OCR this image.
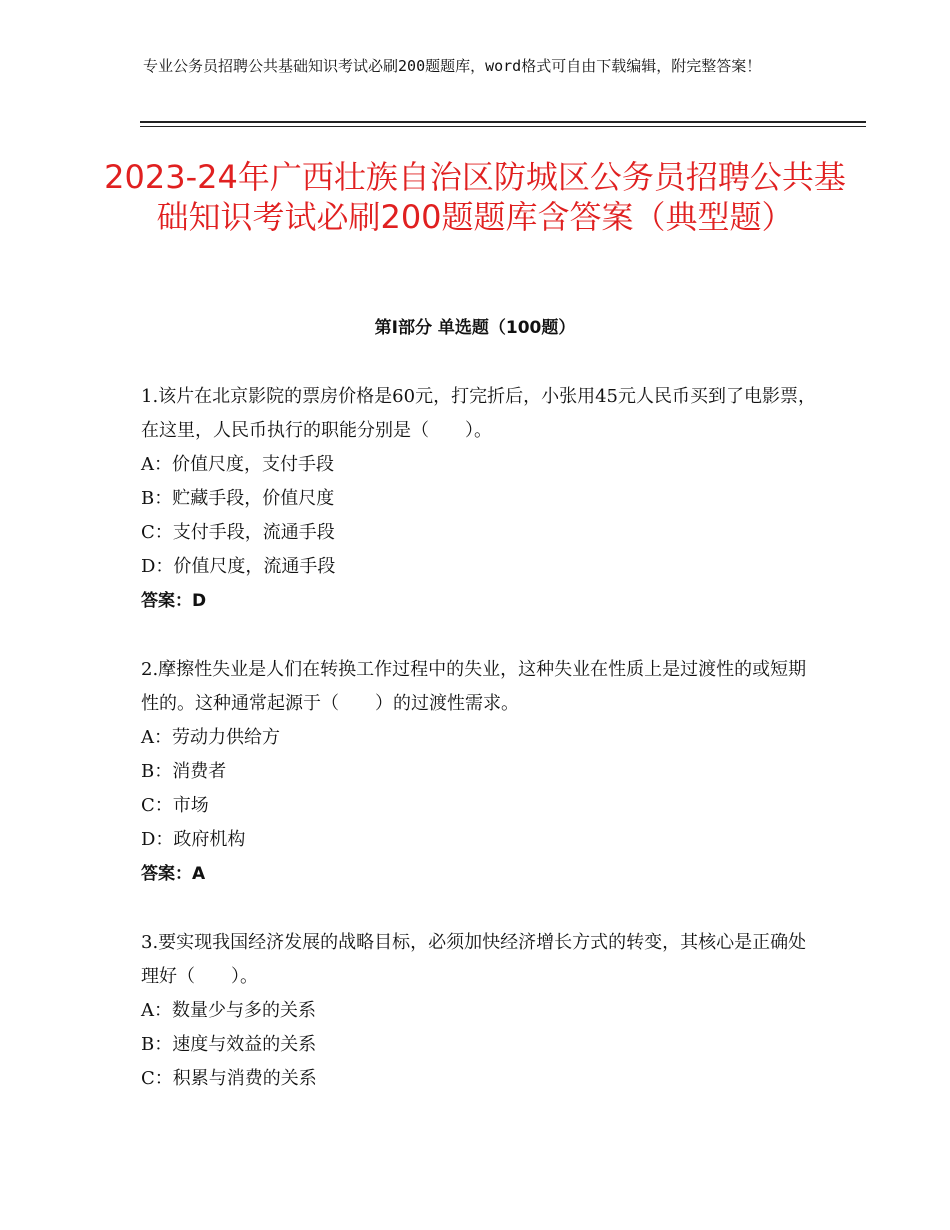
专业公务员招聘公共基础知识考试必刷200题题库，word格式可自由下载编辑，附完整答案！
2023-24年广西壮族自治区防城区公务员招聘公共基础知识考试必刷200题题库含答案（典型题）
第Ⅰ部分 单选题（100题）

1.该片在北京影院的票房价格是60元，打完折后，小张用45元人民币买到了电影票，在这里，人民币执行的职能分别是（　　）。

A：价值尺度，支付手段

B：贮藏手段，价值尺度

C：支付手段，流通手段

D：价值尺度，流通手段

答案：D

2.摩擦性失业是人们在转换工作过程中的失业，这种失业在性质上是过渡性的或短期性的。这种通常起源于（　　）的过渡性需求。

A：劳动力供给方

B：消费者

C：市场

D：政府机构

答案：A

3.要实现我国经济发展的战略目标，必须加快经济增长方式的转变，其核心是正确处理好（　　）。

A：数量少与多的关系

B：速度与效益的关系

C：积累与消费的关系
